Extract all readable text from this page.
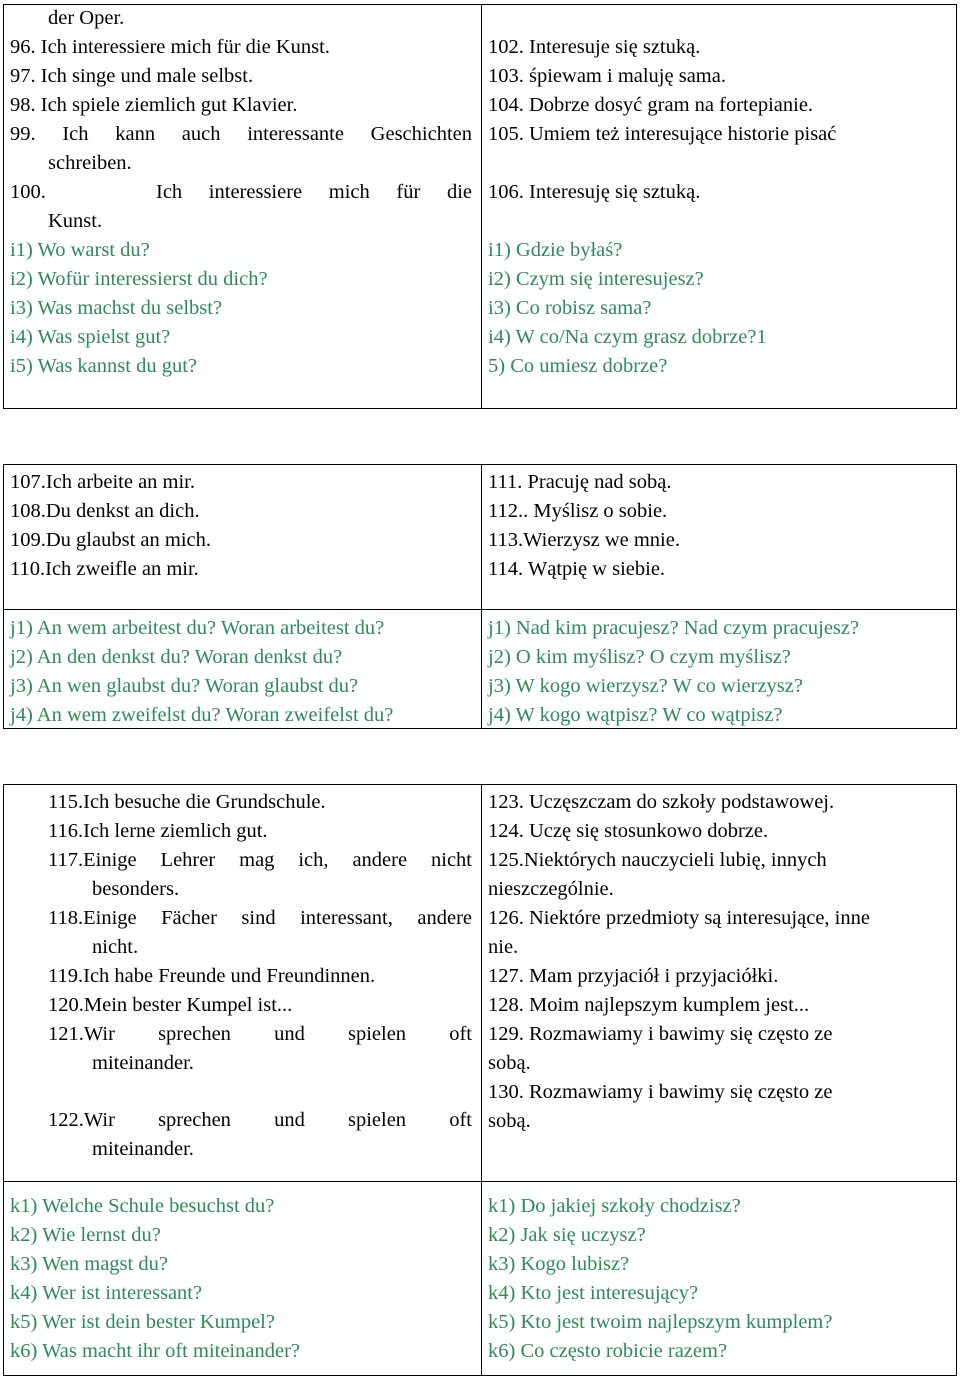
der Oper.
96. Ich interessiere mich für die Kunst.
97. Ich singe und male selbst.
98. Ich spiele ziemlich gut Klavier.
99. Ich kann auch interessante Geschichten
schreiben.
100.	Ich interessiere mich für die
Kunst.
i1) Wo warst du?
i2) Wofür interessierst du dich?
i3) Was machst du selbst?
i4) Was spielst gut?
i5) Was kannst du gut?
102. Interesuje się sztuką.
103. śpiewam i maluję sama.
104. Dobrze dosyć gram na fortepianie.
105. Umiem też interesujące historie pisać
106. Interesuję się sztuką.
i1) Gdzie byłaś?
i2) Czym się interesujesz?
i3) Co robisz sama?
i4) W co/Na czym grasz dobrze?1
5) Co umiesz dobrze?
107.Ich arbeite an mir.
108.Du denkst an dich.
109.Du glaubst an mich.
110.Ich zweifle an mir.
j1) An wem arbeitest du? Woran arbeitest du?
j2) An den denkst du? Woran denkst du?
j3) An wen glaubst du? Woran glaubst du?
j4) An wem zweifelst du? Woran zweifelst du?
111. Pracuję nad sobą.
112.. Myślisz o sobie.
113.Wierzysz we mnie.
114. Wątpię w siebie.
j1) Nad kim pracujesz? Nad czym pracujesz?
j2) O kim myślisz? O czym myślisz?
j3) W kogo wierzysz? W co wierzysz?
j4) W kogo wątpisz? W co wątpisz?
115.Ich besuche die Grundschule.
116.Ich lerne ziemlich gut.
117.Einige Lehrer mag ich, andere nicht
besonders.
118.Einige Fächer sind interessant, andere
nicht.
119.Ich habe Freunde und Freundinnen.
120.Mein bester Kumpel ist...
121.Wir sprechen und spielen oft
miteinander.
122.Wir sprechen und spielen oft
miteinander.
k1) Welche Schule besuchst du?
k2) Wie lernst du?
k3) Wen magst du?
k4) Wer ist interessant?
k5) Wer ist dein bester Kumpel?
k6) Was macht ihr oft miteinander?
123. Uczęszczam do szkoły podstawowej.
124. Uczę się stosunkowo dobrze.
125.Niektórych nauczycieli lubię, innych
nieszczególnie.
126. Niektóre przedmioty są interesujące, inne
nie.
127. Mam przyjaciół i przyjaciółki.
128. Moim najlepszym kumplem jest...
129. Rozmawiamy i bawimy się często ze
sobą.
130. Rozmawiamy i bawimy się często ze
sobą.
k1) Do jakiej szkoły chodzisz?
k2) Jak się uczysz?
k3) Kogo lubisz?
k4) Kto jest interesujący?
k5) Kto jest twoim najlepszym kumplem?
k6) Co często robicie razem?
